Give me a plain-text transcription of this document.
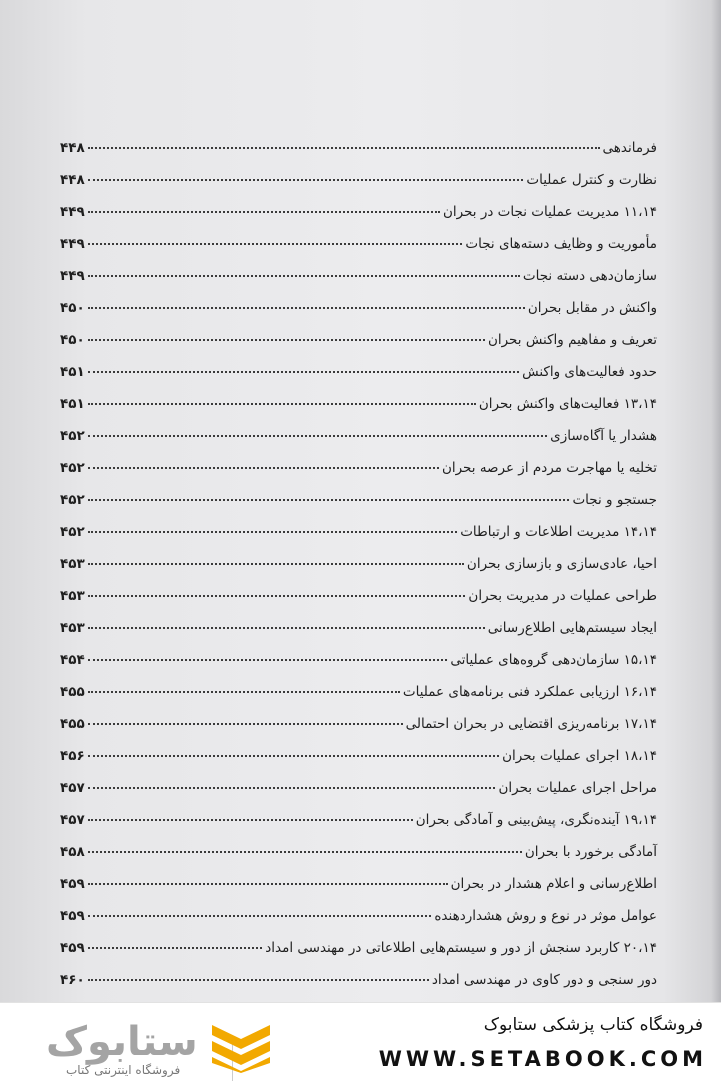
فرماندهی
۴۴۸
نظارت و کنترل عملیات
۴۴۸
۱۱،۱۴ مدیریت عملیات نجات در بحران
۴۴۹
مأموریت و وظایف دسته‌های نجات
۴۴۹
سازمان‌دهی دسته نجات
۴۴۹
واکنش در مقابل بحران
۴۵۰
تعریف و مفاهیم واکنش بحران
۴۵۰
حدود فعالیت‌های واکنش
۴۵۱
۱۳،۱۴ فعالیت‌های واکنش بحران
۴۵۱
هشدار یا آگاه‌سازی
۴۵۲
تخلیه یا مهاجرت مردم از عرصه بحران
۴۵۲
جستجو و نجات
۴۵۲
۱۴،۱۴ مدیریت اطلاعات و ارتباطات
۴۵۲
احیا، عادی‌سازی و بازسازی بحران
۴۵۳
طراحی عملیات در مدیریت بحران
۴۵۳
ایجاد سیستم‌هایی اطلاع‌رسانی
۴۵۳
۱۵،۱۴ سازمان‌دهی گروه‌های عملیاتی
۴۵۴
۱۶،۱۴ ارزیابی عملکرد فنی برنامه‌های عملیات
۴۵۵
۱۷،۱۴ برنامه‌ریزی اقتضایی در بحران احتمالی
۴۵۵
۱۸،۱۴ اجرای عملیات بحران
۴۵۶
مراحل اجرای عملیات بحران
۴۵۷
۱۹،۱۴ آینده‌نگری، پیش‌بینی و آمادگی بحران
۴۵۷
آمادگی برخورد با بحران
۴۵۸
اطلاع‌رسانی و اعلام هشدار در بحران
۴۵۹
عوامل موثر در نوع و روش هشداردهنده
۴۵۹
۲۰،۱۴ کاربرد سنجش از دور و سیستم‌هایی اطلاعاتی در مهندسی امداد
۴۵۹
دور سنجی و دور کاوی در مهندسی امداد
۴۶۰
ستابوک
فروشگاه اینترنتی کتاب
فروشگاه کتاب پزشکی ستابوک
WWW.SETABOOK.COM
